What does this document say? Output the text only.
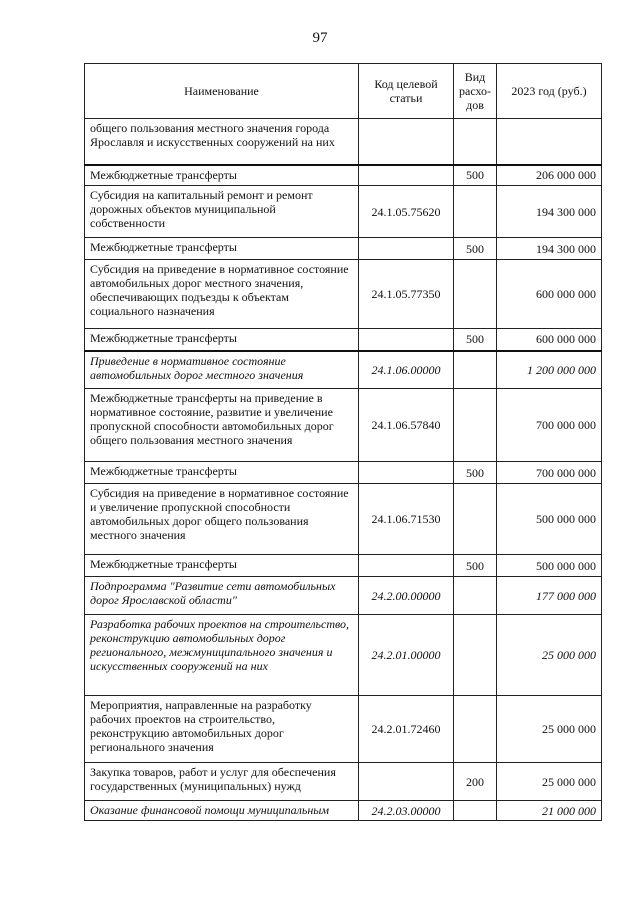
97
Наименование	Код целевой статьи	Вид расхо-дов	2023 год (руб.)
общего пользования местного значения города Ярославля и искусственных сооружений на них			
Межбюджетные трансферты		500	206 000 000
Субсидия на капитальный ремонт и ремонт дорожных объектов муниципальной собственности	24.1.05.75620		194 300 000
Межбюджетные трансферты		500	194 300 000
Субсидия на приведение в нормативное состояние автомобильных дорог местного значения, обеспечивающих подъезды к объектам социального назначения	24.1.05.77350		600 000 000
Межбюджетные трансферты		500	600 000 000
Приведение в нормативное состояние автомобильных дорог местного значения	24.1.06.00000		1 200 000 000
Межбюджетные трансферты на приведение в нормативное состояние, развитие и увеличение пропускной способности автомобильных дорог общего пользования местного значения	24.1.06.57840		700 000 000
Межбюджетные трансферты		500	700 000 000
Субсидия на приведение в нормативное состояние и увеличение пропускной способности автомобильных дорог общего пользования местного значения	24.1.06.71530		500 000 000
Межбюджетные трансферты		500	500 000 000
Подпрограмма "Развитие сети автомобильных дорог Ярославской области"	24.2.00.00000		177 000 000
Разработка рабочих проектов на строительство, реконструкцию автомобильных дорог регионального, межмуниципального значения и искусственных сооружений на них	24.2.01.00000		25 000 000
Мероприятия, направленные на разработку рабочих проектов на строительство, реконструкцию автомобильных дорог регионального значения	24.2.01.72460		25 000 000
Закупка товаров, работ и услуг для обеспечения государственных (муниципальных) нужд		200	25 000 000
Оказание финансовой помощи муниципальным	24.2.03.00000		21 000 000
